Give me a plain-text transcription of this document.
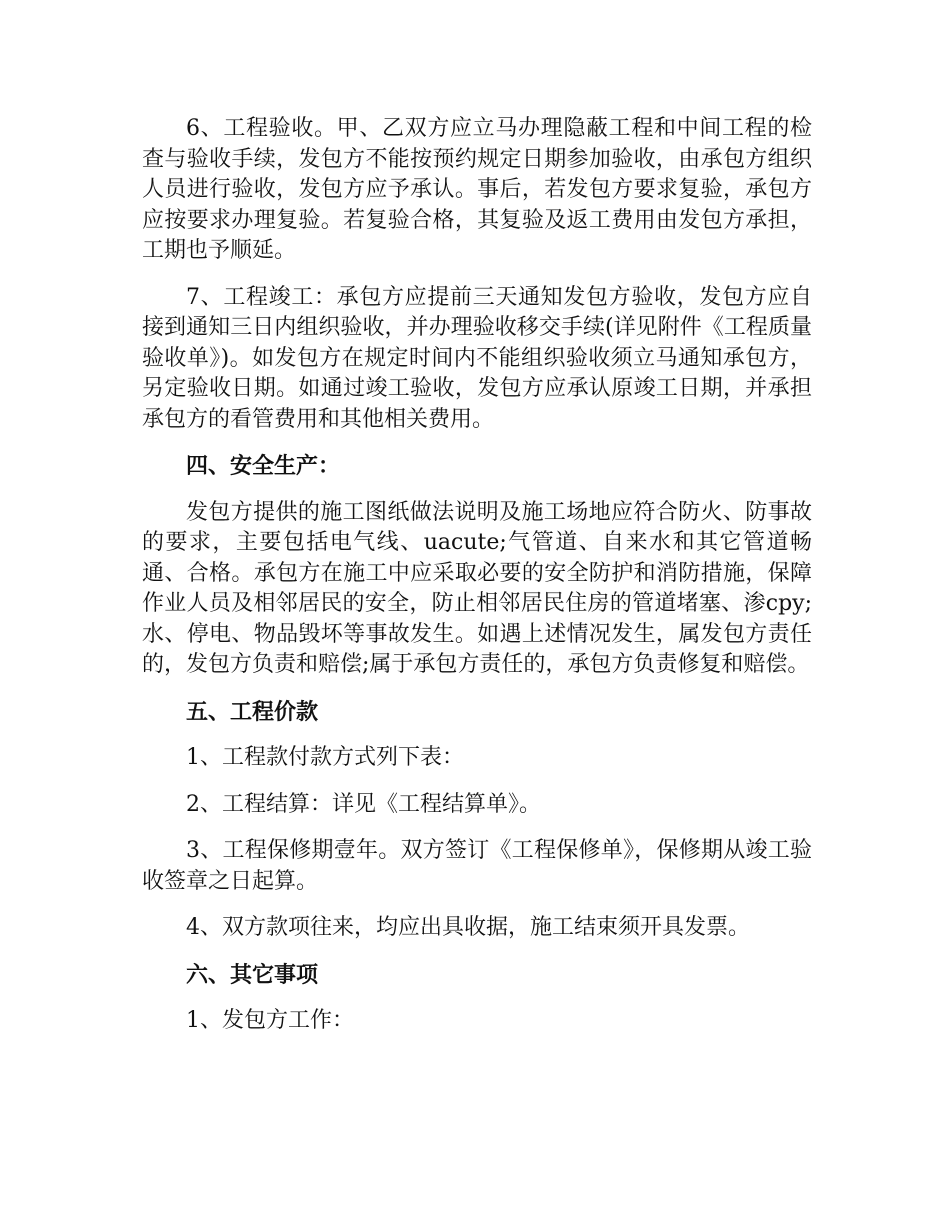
6、工程验收。甲、乙双方应立马办理隐蔽工程和中间工程的检查与验收手续，发包方不能按预约规定日期参加验收，由承包方组织人员进行验收，发包方应予承认。事后，若发包方要求复验，承包方应按要求办理复验。若复验合格，其复验及返工费用由发包方承担，工期也予顺延。

7、工程竣工：承包方应提前三天通知发包方验收，发包方应自接到通知三日内组织验收，并办理验收移交手续(详见附件《工程质量验收单》)。如发包方在规定时间内不能组织验收须立马通知承包方，另定验收日期。如通过竣工验收，发包方应承认原竣工日期，并承担承包方的看管费用和其他相关费用。

四、安全生产：

发包方提供的施工图纸做法说明及施工场地应符合防火、防事故的要求，主要包括电气线、uacute;气管道、自来水和其它管道畅通、合格。承包方在施工中应采取必要的安全防护和消防措施，保障作业人员及相邻居民的安全，防止相邻居民住房的管道堵塞、渗cpy;水、停电、物品毁坏等事故发生。如遇上述情况发生，属发包方责任的，发包方负责和赔偿;属于承包方责任的，承包方负责修复和赔偿。

五、工程价款

1、工程款付款方式列下表：

2、工程结算：详见《工程结算单》。

3、工程保修期壹年。双方签订《工程保修单》，保修期从竣工验收签章之日起算。

4、双方款项往来，均应出具收据，施工结束须开具发票。

六、其它事项

1、发包方工作：
